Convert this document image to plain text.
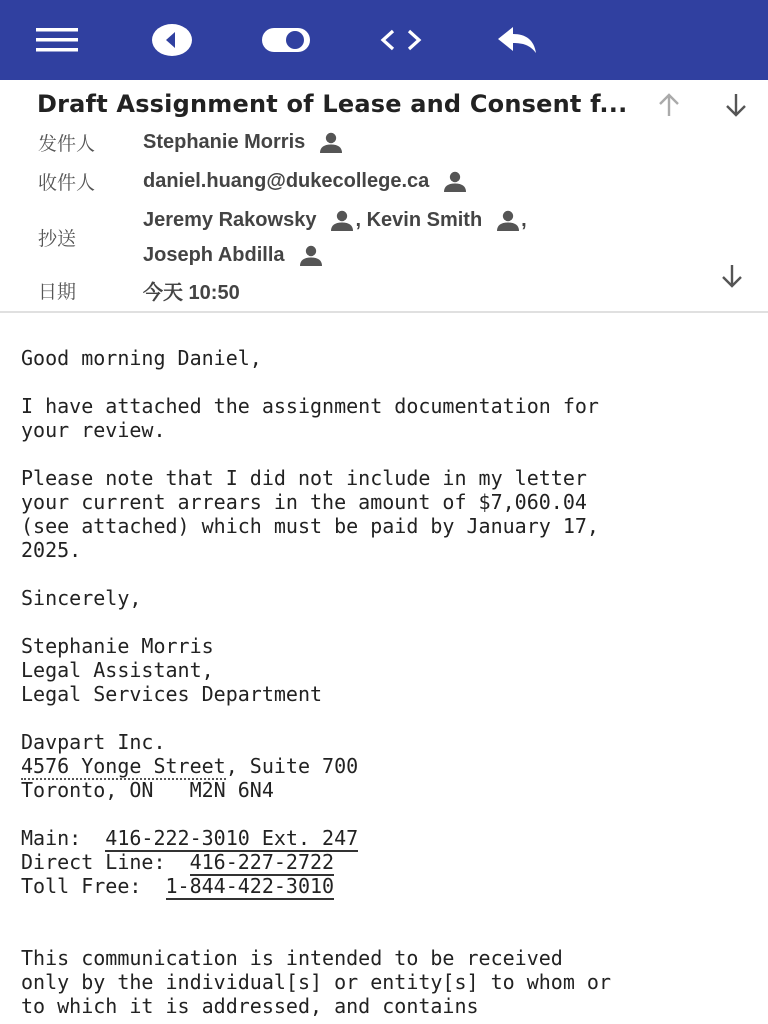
Draft Assignment of Lease and Consent f...
发件人 Stephanie Morris
收件人 daniel.huang@dukecollege.ca
抄送
Jeremy Rakowsky , Kevin Smith ,
Joseph Abdilla
日期	今天 10:50
Good morning Daniel,
I have attached the assignment documentation for
your review.
Please note that I did not include in my letter
your current arrears in the amount of $7,060.04
(see attached) which must be paid by January 17,
2025.
Sincerely,
Stephanie Morris
Legal Assistant,
Legal Services Department
Davpart Inc.
4576 Yonge Street, Suite 700
Toronto, ON   M2N 6N4
Main:  416-222-3010 Ext. 247
Direct Line:  416-227-2722
Toll Free:  1-844-422-3010
This communication is intended to be received
only by the individual[s] or entity[s] to whom or
to which it is addressed, and contains
